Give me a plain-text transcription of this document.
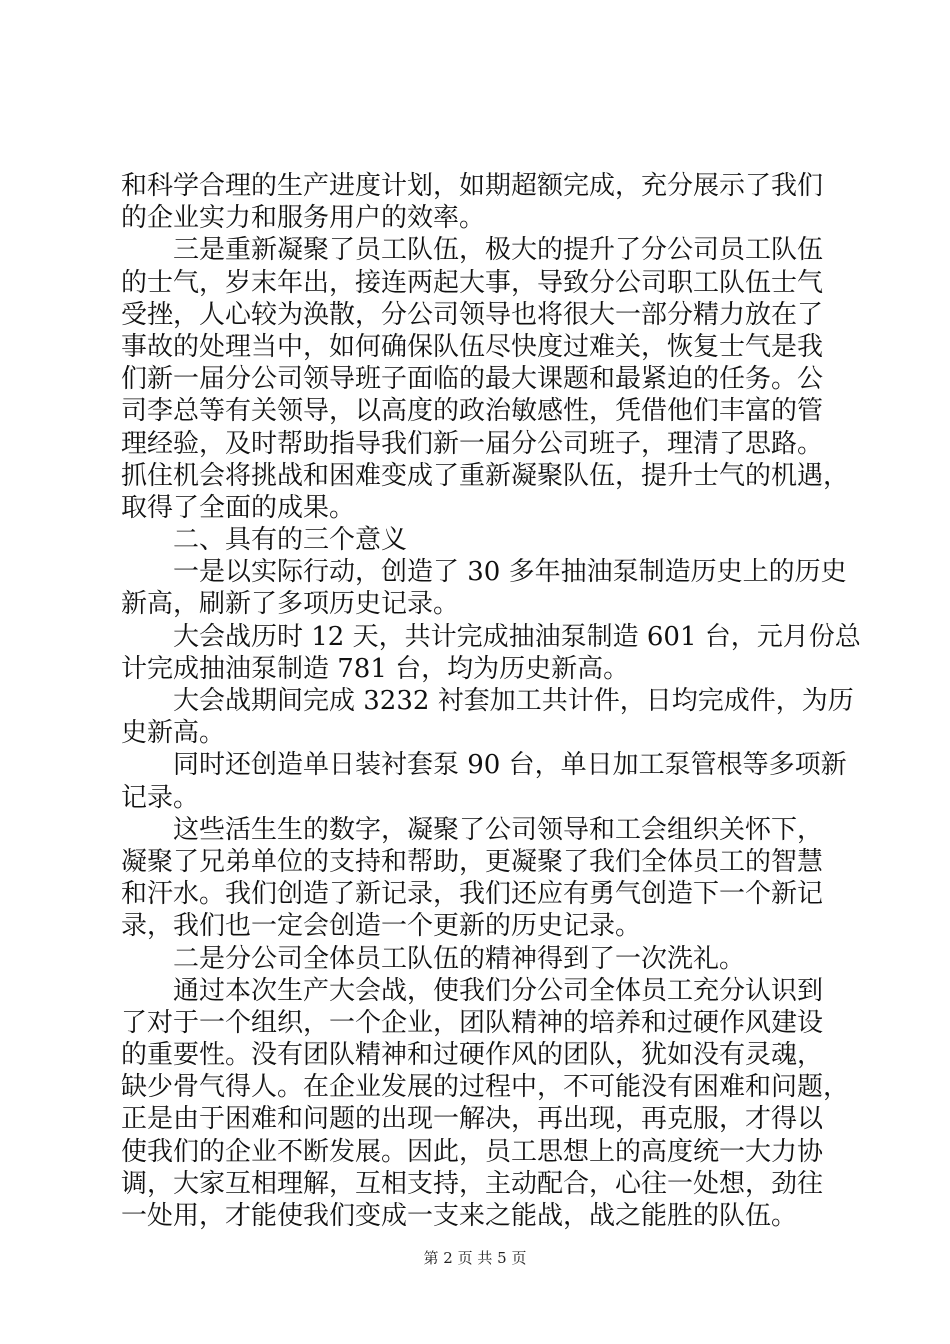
和科学合理的生产进度计划，如期超额完成，充分展示了我们
的企业实力和服务用户的效率。
　　三是重新凝聚了员工队伍，极大的提升了分公司员工队伍
的士气，岁末年出，接连两起大事，导致分公司职工队伍士气
受挫，人心较为涣散，分公司领导也将很大一部分精力放在了
事故的处理当中，如何确保队伍尽快度过难关，恢复士气是我
们新一届分公司领导班子面临的最大课题和最紧迫的任务。公
司李总等有关领导，以高度的政治敏感性，凭借他们丰富的管
理经验，及时帮助指导我们新一届分公司班子，理清了思路。
抓住机会将挑战和困难变成了重新凝聚队伍，提升士气的机遇，
取得了全面的成果。
　　二、具有的三个意义
　　一是以实际行动，创造了 30 多年抽油泵制造历史上的历史
新高，刷新了多项历史记录。
　　大会战历时 12 天，共计完成抽油泵制造 601 台，元月份总
计完成抽油泵制造 781 台，均为历史新高。
　　大会战期间完成 3232 衬套加工共计件，日均完成件，为历
史新高。
　　同时还创造单日装衬套泵 90 台，单日加工泵管根等多项新
记录。
　　这些活生生的数字，凝聚了公司领导和工会组织关怀下，
凝聚了兄弟单位的支持和帮助，更凝聚了我们全体员工的智慧
和汗水。我们创造了新记录，我们还应有勇气创造下一个新记
录，我们也一定会创造一个更新的历史记录。
　　二是分公司全体员工队伍的精神得到了一次洗礼。
　　通过本次生产大会战，使我们分公司全体员工充分认识到
了对于一个组织，一个企业，团队精神的培养和过硬作风建设
的重要性。没有团队精神和过硬作风的团队，犹如没有灵魂，
缺少骨气得人。在企业发展的过程中，不可能没有困难和问题，
正是由于困难和问题的出现一解决，再出现，再克服，才得以
使我们的企业不断发展。因此，员工思想上的高度统一大力协
调，大家互相理解，互相支持，主动配合，心往一处想，劲往
一处用，才能使我们变成一支来之能战，战之能胜的队伍。
第 2 页 共 5 页
